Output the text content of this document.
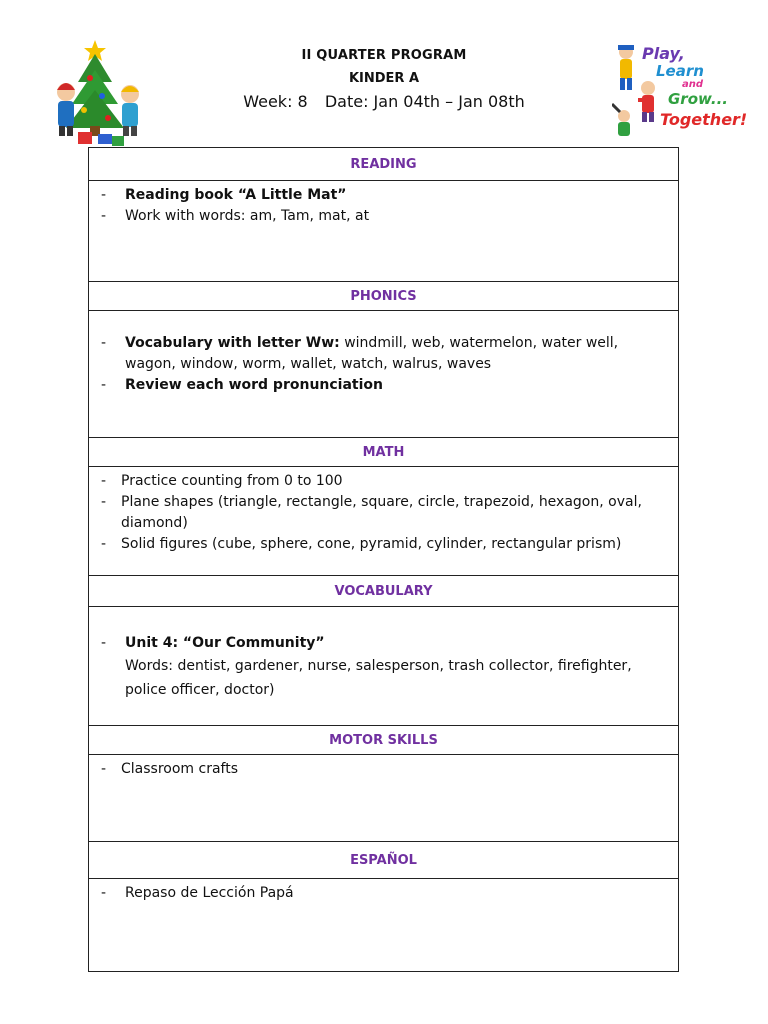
II QUARTER PROGRAM
KINDER A
Week: 8 Date: Jan 04th – Jan 08th
Play,
Learn
and
Grow...
Together!
READING

- Reading book “A Little Mat”
- Work with words: am, Tam, mat, at

PHONICS

- Vocabulary with letter Ww: windmill, web, watermelon, water well, wagon, window, worm, wallet, watch, walrus, waves
- Review each word pronunciation

MATH

- Practice counting from 0 to 100
- Plane shapes (triangle, rectangle, square, circle, trapezoid, hexagon, oval, diamond)
- Solid figures (cube, sphere, cone, pyramid, cylinder, rectangular prism)

VOCABULARY

- Unit 4: “Our Community”
Words: dentist, gardener, nurse, salesperson, trash collector, firefighter, police officer, doctor)

MOTOR SKILLS

- Classroom crafts

ESPAÑOL

- Repaso de Lección Papá
